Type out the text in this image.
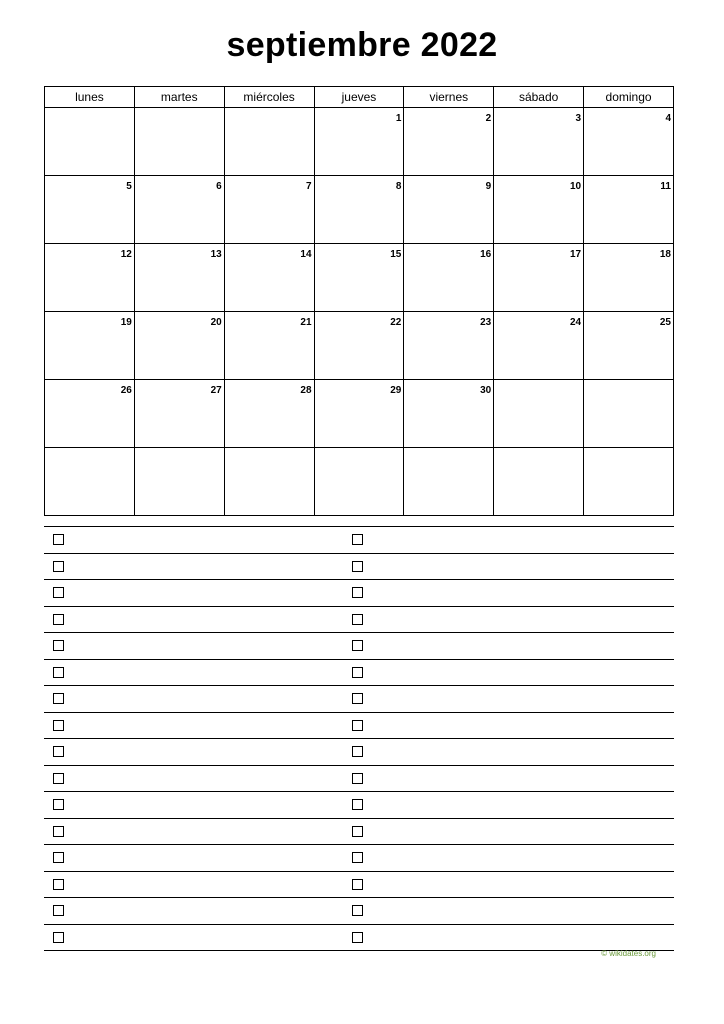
septiembre 2022
lunes	martes	miércoles	jueves	viernes	sábado	domingo
			1	2	3	4
5	6	7	8	9	10	11
12	13	14	15	16	17	18
19	20	21	22	23	24	25
26	27	28	29	30		

© wikidates.org
